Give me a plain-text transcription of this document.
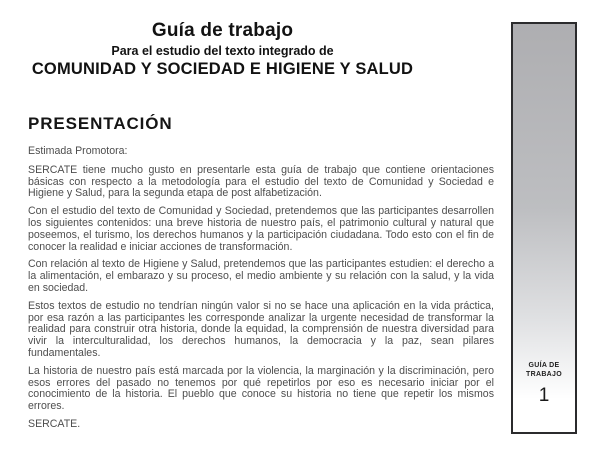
Guía de trabajo
Para el estudio del texto integrado de
COMUNIDAD Y SOCIEDAD E HIGIENE Y SALUD
PRESENTACIÓN

Estimada Promotora:

SERCATE tiene mucho gusto en presentarle esta guía de trabajo que contiene orientaciones básicas con respecto a la metodología para el estudio del texto de Comunidad y Sociedad e Higiene y Salud, para la segunda etapa de post alfabetización.

Con el estudio del texto de Comunidad y Sociedad, pretendemos que las participantes desarrollen los siguientes contenidos: una breve historia de nuestro país, el patrimonio cultural y natural que poseemos, el turismo, los derechos humanos y la participación ciudadana. Todo esto con el fin de conocer la realidad e iniciar acciones de transformación.

Con relación al texto de Higiene y Salud, pretendemos que las participantes estudien: el derecho a la alimentación, el embarazo y su proceso, el medio ambiente y su relación con la salud, y la vida en sociedad.

Estos textos de estudio no tendrían ningún valor si no se hace una aplicación en la vida práctica, por esa razón a las participantes les corresponde analizar la urgente necesidad de transformar la realidad para construir otra historia, donde la equidad, la comprensión de nuestra diversidad para vivir la interculturalidad, los derechos humanos, la democracia y la paz, sean pilares fundamentales.

La historia de nuestro país está marcada por la violencia, la marginación y la discriminación, pero esos errores del pasado no tenemos por qué repetirlos por eso es necesario iniciar por el conocimiento de la historia. El pueblo que conoce su historia no tiene que repetir los mismos errores.

SERCATE.

GUÍA DE
TRABAJO
1
